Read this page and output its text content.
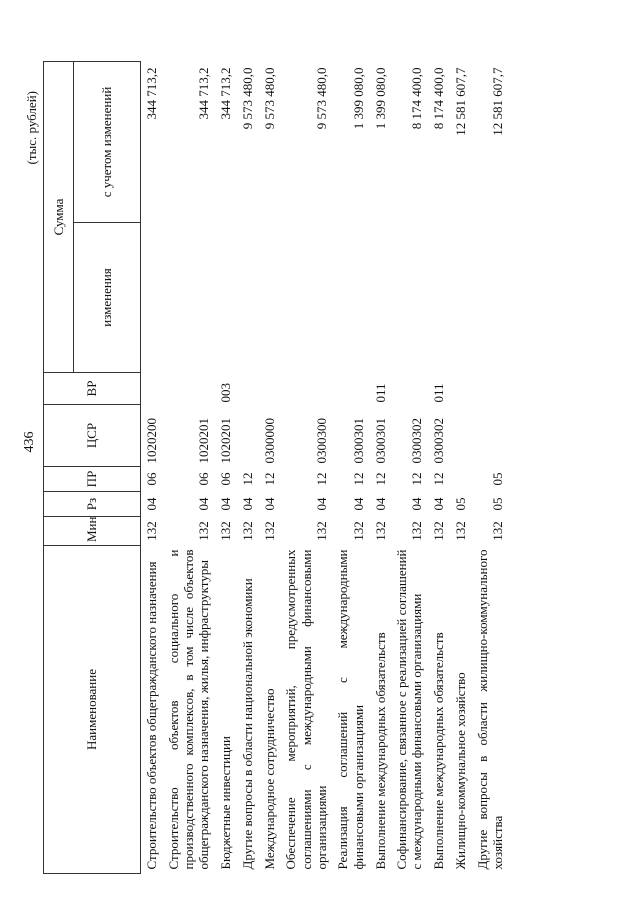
436
(тыс. рублей)
Наименование	Мин	Рз	ПР	ЦСР	ВР	Сумма	
						изменения	с учетом изменений
Строительство объектов общегражданского назначения	132	04	06	1020200			344 713,2
Строительство объектов социального и производственного комплексов, в том числе объектов общегражданского назначения, жилья, инфраструктуры	132	04	06	1020201			344 713,2
Бюджетные инвестиции	132	04	06	1020201	003		344 713,2
Другие вопросы в области национальной экономики	132	04	12				9 573 480,0
Международное сотрудничество	132	04	12	0300000			9 573 480,0
Обеспечение мероприятий, предусмотренных соглашениями с международными финансовыми организациями	132	04	12	0300300			9 573 480,0
Реализация соглашений с международными финансовыми организациями	132	04	12	0300301			1 399 080,0
Выполнение международных обязательств	132	04	12	0300301	011		1 399 080,0
Софинансирование, связанное с реализацией соглашений с международными финансовыми организациями	132	04	12	0300302			8 174 400,0
Выполнение международных обязательств	132	04	12	0300302	011		8 174 400,0
Жилищно-коммунальное хозяйство	132	05					12 581 607,7
Другие вопросы в области жилищно-коммунального хозяйства	132	05	05				12 581 607,7
